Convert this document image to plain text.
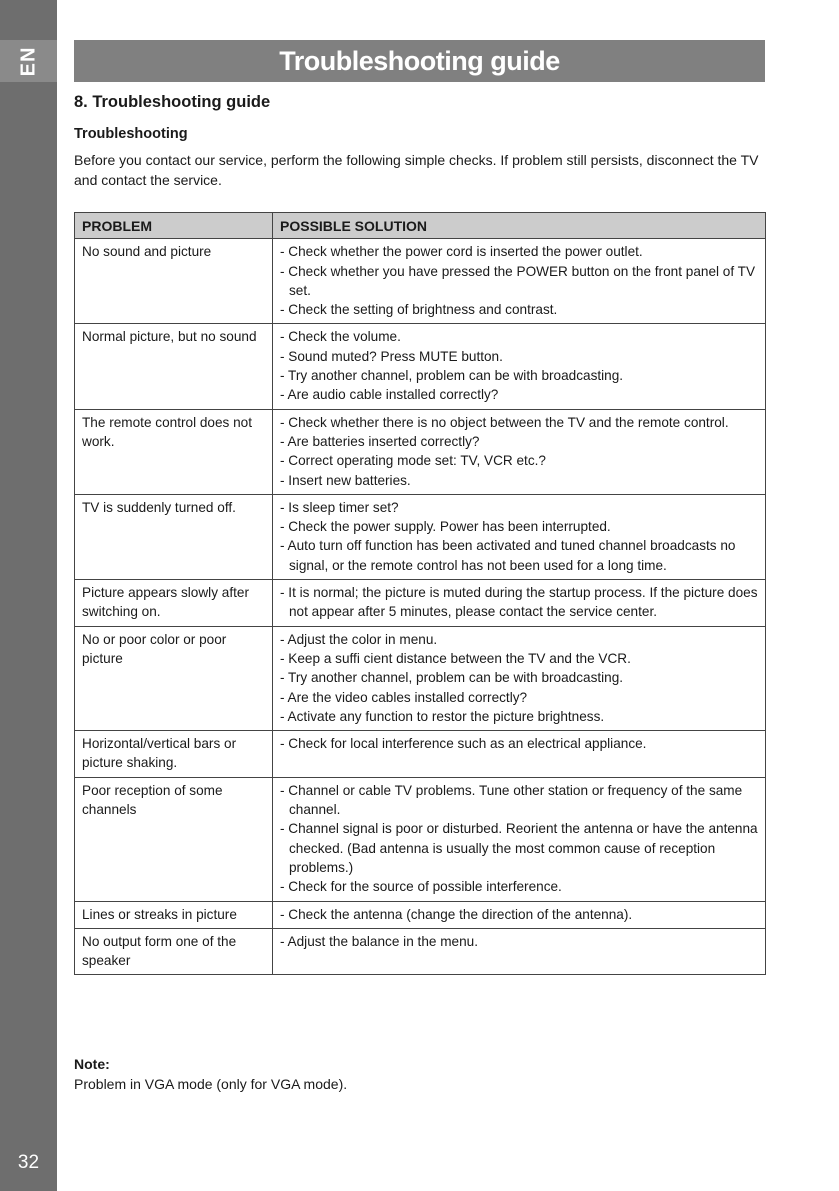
EN
32
Troubleshooting guide
8. Troubleshooting guide
Troubleshooting

Before you contact our service, perform the following simple checks. If problem still persists, disconnect the TV and contact the service.

PROBLEM	POSSIBLE SOLUTION
No sound and picture	- Check whether the power cord is inserted the power outlet.
- Check whether you have pressed the POWER button on the front panel of TV set.
- Check the setting of brightness and contrast.

Normal picture, but no sound	- Check the volume.
- Sound muted? Press MUTE button.
- Try another channel, problem can be with broadcasting.
- Are audio cable installed correctly?

The remote control does not work.	- Check whether there is no object between the TV and the remote control.
- Are batteries inserted correctly?
- Correct operating mode set: TV, VCR etc.?
- Insert new batteries.

TV is suddenly turned off.	- Is sleep timer set?
- Check the power supply. Power has been interrupted.
- Auto turn off function has been activated and tuned channel broadcasts no signal, or the remote control has not been used for a long time.

Picture appears slowly after switching on.	- It is normal; the picture is muted during the startup process. If the picture does not appear after 5 minutes, please contact the service center.

No or poor color or poor picture	- Adjust the color in menu.
- Keep a suffi cient distance between the TV and the VCR.
- Try another channel, problem can be with broadcasting.
- Are the video cables installed correctly?
- Activate any function to restor the picture brightness.

Horizontal/vertical bars or picture shaking.	- Check for local interference such as an electrical appliance.

Poor reception of some channels	- Channel or cable TV problems. Tune other station or frequency of the same channel.
- Channel signal is poor or disturbed. Reorient the antenna or have the antenna checked. (Bad antenna is usually the most common cause of reception problems.)
- Check for the source of possible interference.

Lines or streaks in picture	- Check the antenna (change the direction of the antenna).

No output form one of the speaker	- Adjust the balance in the menu.

Note:

Problem in VGA mode (only for VGA mode).
